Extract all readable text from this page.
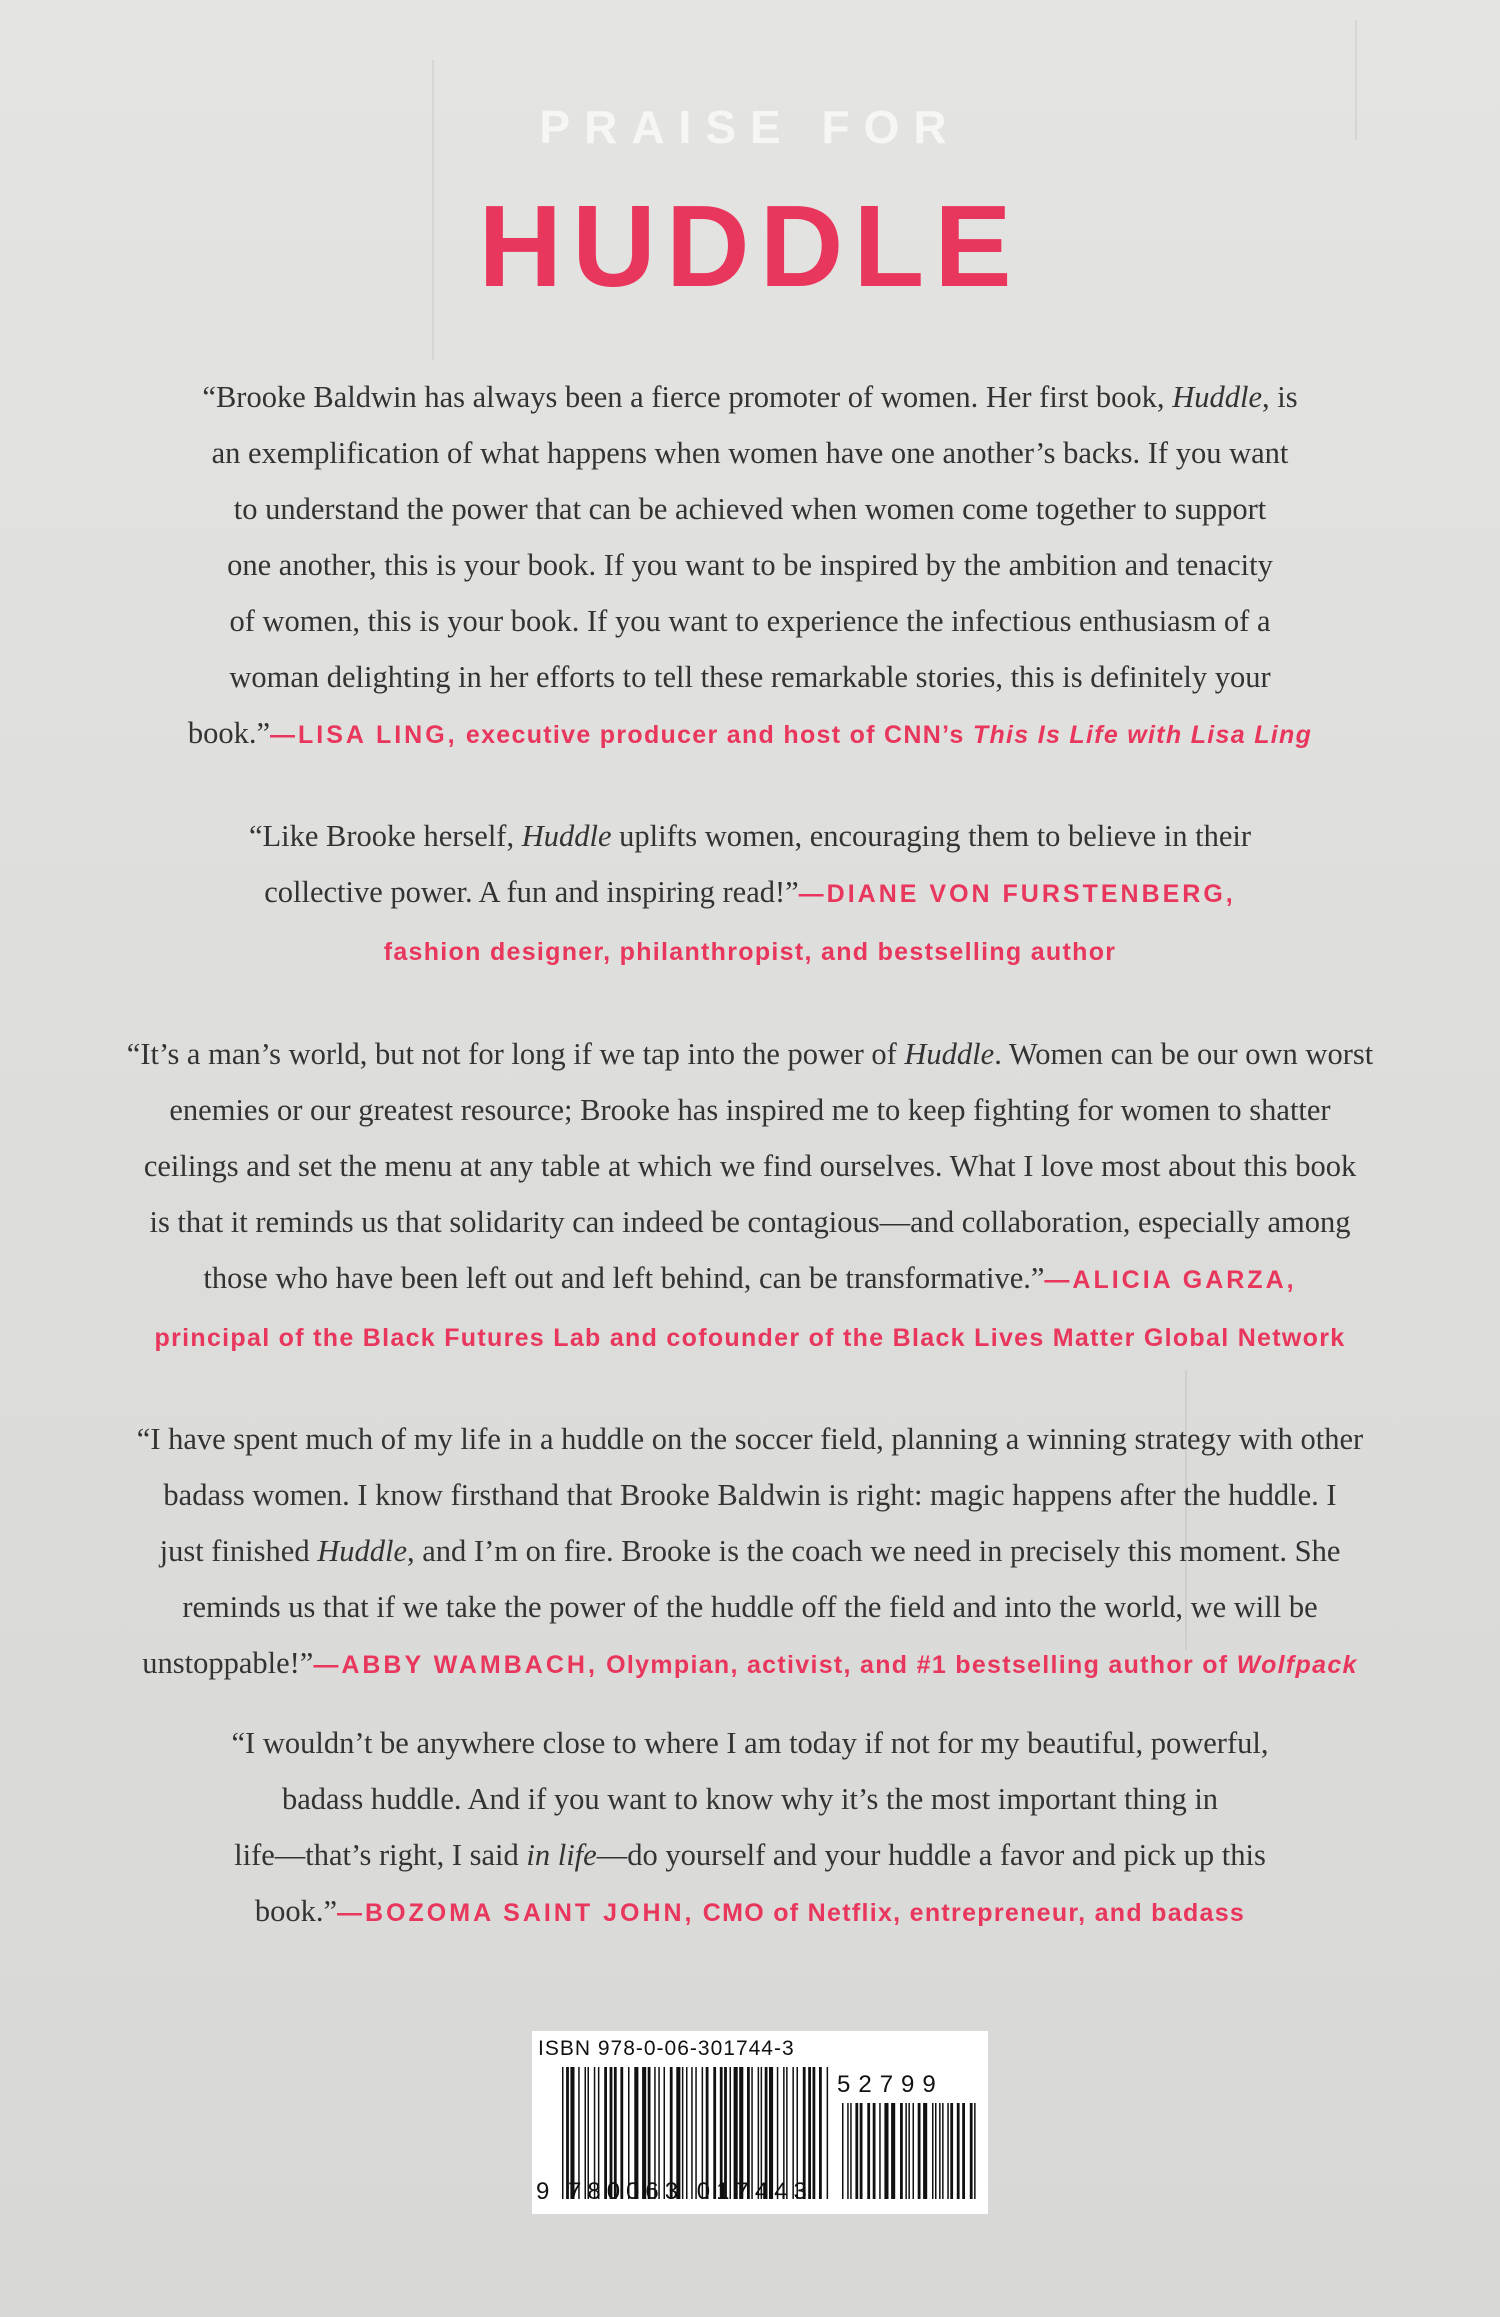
PRAISE FOR
HUDDLE
“Brooke Baldwin has always been a fierce promoter of women. Her first book, Huddle, is
an exemplification of what happens when women have one another’s backs. If you want
to understand the power that can be achieved when women come together to support
one another, this is your book. If you want to be inspired by the ambition and tenacity
of women, this is your book. If you want to experience the infectious enthusiasm of a
woman delighting in her efforts to tell these remarkable stories, this is definitely your
book.”—LISA LING, executive producer and host of CNN’s This Is Life with Lisa Ling
“Like Brooke herself, Huddle uplifts women, encouraging them to believe in their
collective power. A fun and inspiring read!”—DIANE VON FURSTENBERG,
fashion designer, philanthropist, and bestselling author
“It’s a man’s world, but not for long if we tap into the power of Huddle. Women can be our own worst
enemies or our greatest resource; Brooke has inspired me to keep fighting for women to shatter
ceilings and set the menu at any table at which we find ourselves. What I love most about this book
is that it reminds us that solidarity can indeed be contagious—and collaboration, especially among
those who have been left out and left behind, can be transformative.”—ALICIA GARZA,
principal of the Black Futures Lab and cofounder of the Black Lives Matter Global Network
“I have spent much of my life in a huddle on the soccer field, planning a winning strategy with other
badass women. I know firsthand that Brooke Baldwin is right: magic happens after the huddle. I
just finished Huddle, and I’m on fire. Brooke is the coach we need in precisely this moment. She
reminds us that if we take the power of the huddle off the field and into the world, we will be
unstoppable!”—ABBY WAMBACH, Olympian, activist, and #1 bestselling author of Wolfpack
“I wouldn’t be anywhere close to where I am today if not for my beautiful, powerful,
badass huddle. And if you want to know why it’s the most important thing in
life—that’s right, I said in life—do yourself and your huddle a favor and pick up this
book.”—BOZOMA SAINT JOHN, CMO of Netflix, entrepreneur, and badass
ISBN 978-0-06-301744-3
52799
9 780063 017443
